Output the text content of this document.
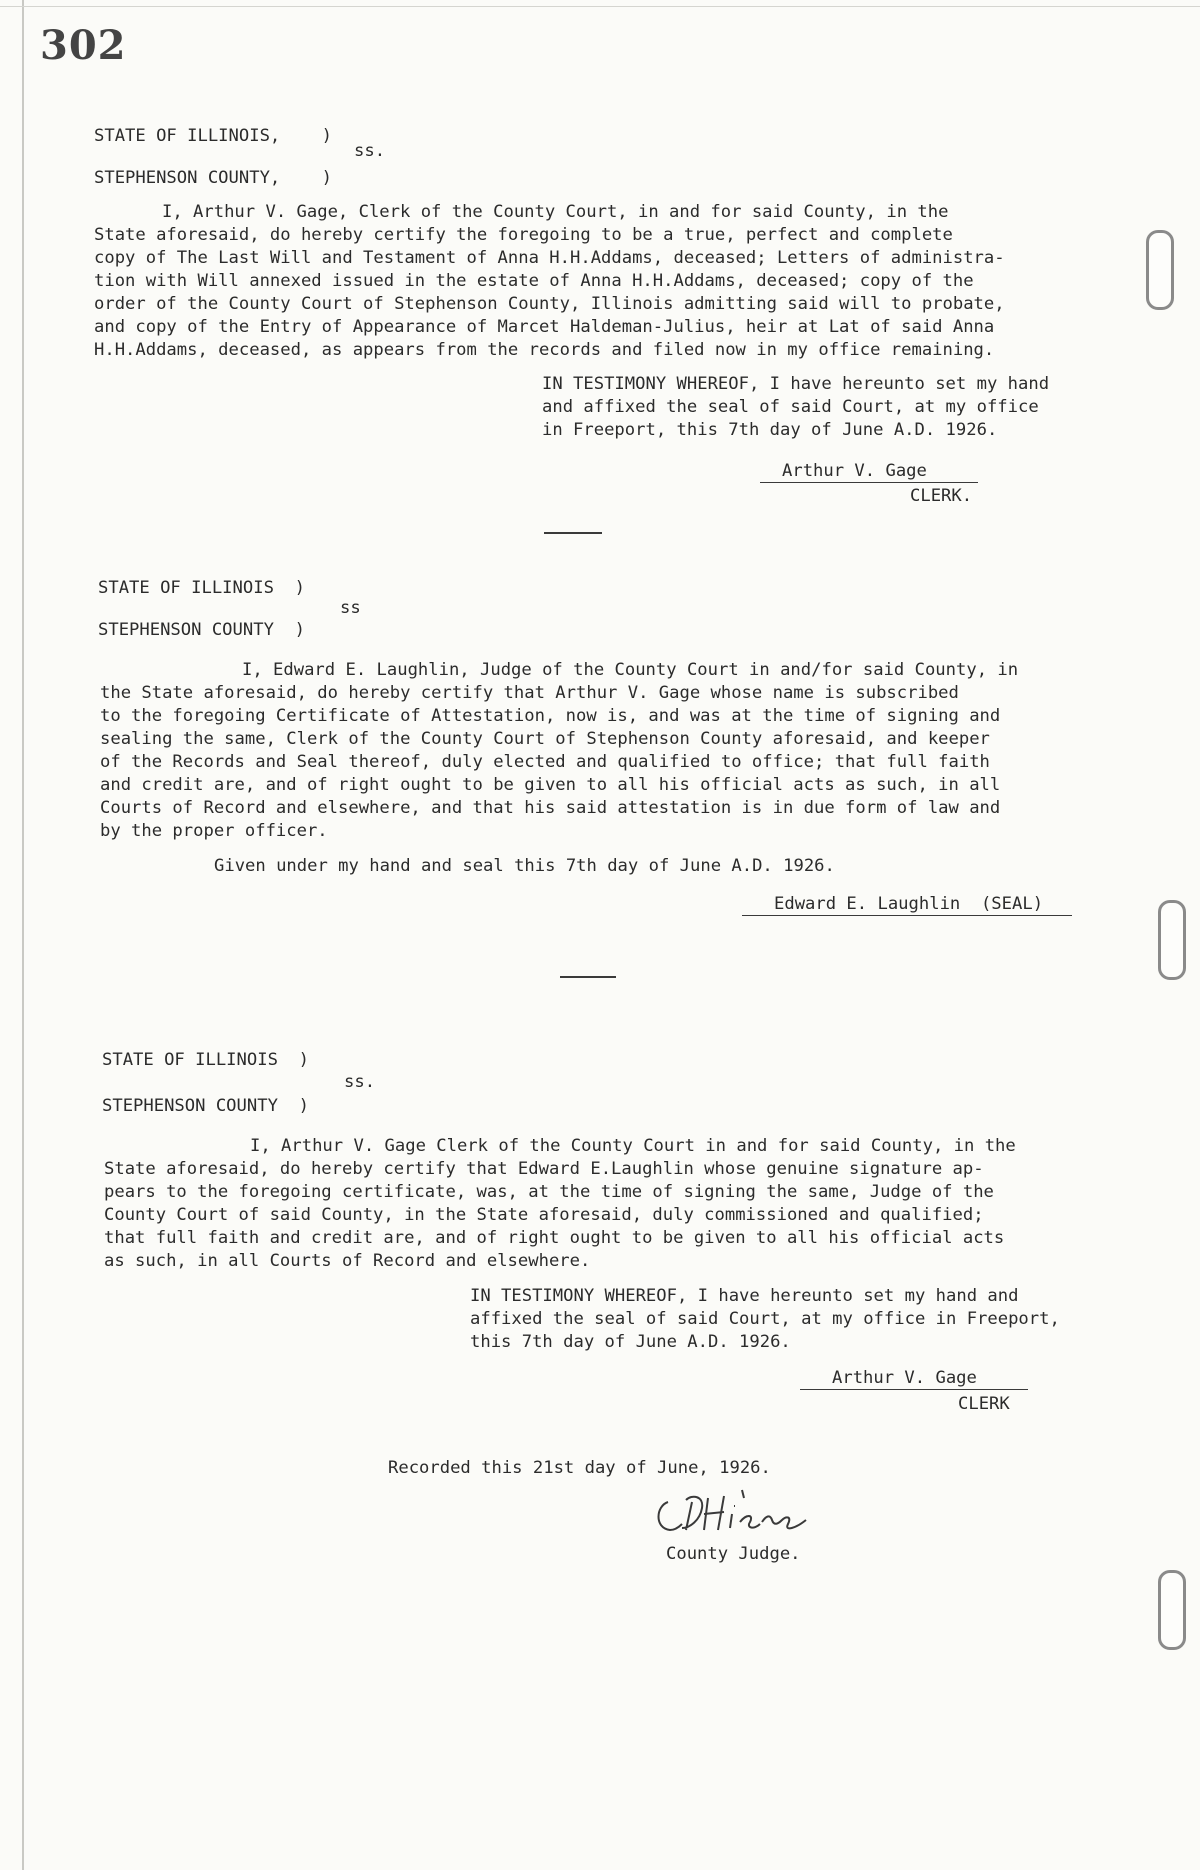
302
STATE OF ILLINOIS,    )
ss.
STEPHENSON COUNTY,    )
I, Arthur V. Gage, Clerk of the County Court, in and for said County, in the
State aforesaid, do hereby certify the foregoing to be a true, perfect and complete
copy of The Last Will and Testament of Anna H.H.Addams, deceased; Letters of administra-
tion with Will annexed issued in the estate of Anna H.H.Addams, deceased; copy of the
order of the County Court of Stephenson County, Illinois admitting said will to probate,
and copy of the Entry of Appearance of Marcet Haldeman-Julius, heir at Lat of said Anna
H.H.Addams, deceased, as appears from the records and filed now in my office remaining.
IN TESTIMONY WHEREOF, I have hereunto set my hand
and affixed the seal of said Court, at my office
in Freeport, this 7th day of June A.D. 1926.
Arthur V. Gage
CLERK.
STATE OF ILLINOIS  )
ss
STEPHENSON COUNTY  )
I, Edward E. Laughlin, Judge of the County Court in and/for said County, in
the State aforesaid, do hereby certify that Arthur V. Gage whose name is subscribed
to the foregoing Certificate of Attestation, now is, and was at the time of signing and
sealing the same, Clerk of the County Court of Stephenson County aforesaid, and keeper
of the Records and Seal thereof, duly elected and qualified to office; that full faith
and credit are, and of right ought to be given to all his official acts as such, in all
Courts of Record and elsewhere, and that his said attestation is in due form of law and
by the proper officer.
Given under my hand and seal this 7th day of June A.D. 1926.
Edward E. Laughlin  (SEAL)
STATE OF ILLINOIS  )
ss.
STEPHENSON COUNTY  )
I, Arthur V. Gage Clerk of the County Court in and for said County, in the
State aforesaid, do hereby certify that Edward E.Laughlin whose genuine signature ap-
pears to the foregoing certificate, was, at the time of signing the same, Judge of the
County Court of said County, in the State aforesaid, duly commissioned and qualified;
that full faith and credit are, and of right ought to be given to all his official acts
as such, in all Courts of Record and elsewhere.
IN TESTIMONY WHEREOF, I have hereunto set my hand and
affixed the seal of said Court, at my office in Freeport,
this 7th day of June A.D. 1926.
Arthur V. Gage
CLERK
Recorded this 21st day of June, 1926.
C.D.Hiers
County Judge.
